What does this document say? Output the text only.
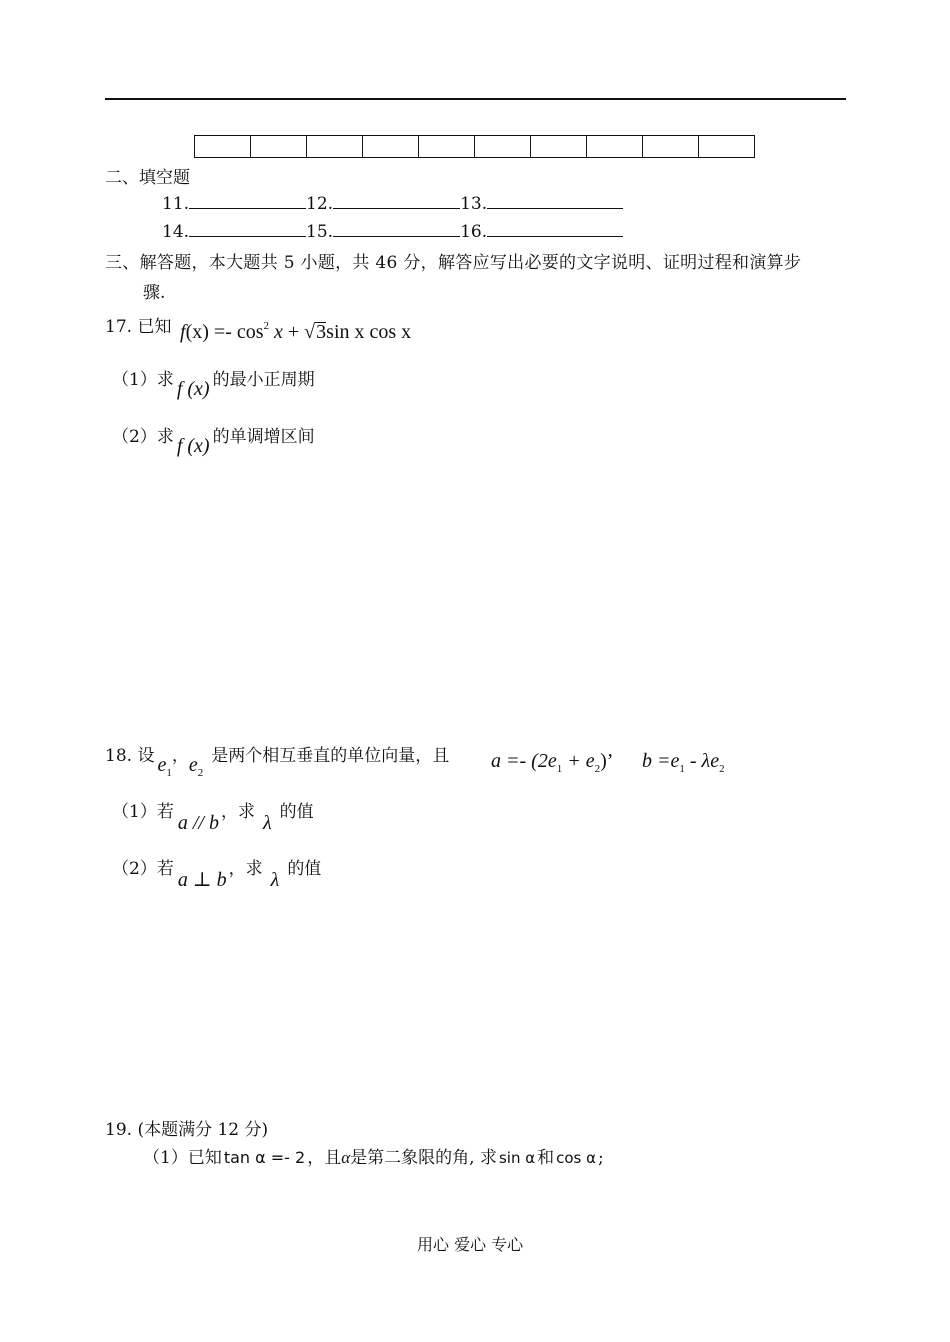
二、填空题
11.	12.	13.
14.	15.	16.
三、解答题，本大题共 5 小题，共 46 分，解答应写出必要的文字说明、证明过程和演算步
骤.
17. 已知 $f(x) =- \cos^2 x + √3\sin$ x cos x
（1）求 f (x) 的最小正周期
（2）求 f (x) 的单调增区间
18. 设 $e_1$，$e_2$是两个相互垂直的单位向量，且 $a =- (2e_1 + e_2)$’ $b =e_1 - \lambda e_2$
（1）若 a // b ，求 λ 的值
（2）若 a ⊥ b ，求 λ 的值
19. (本题满分 12 分)
（1）已知 tan α =- 2 ，且α是第二象限的角, 求 sin α 和 cos α ;
用心 爱心 专心
